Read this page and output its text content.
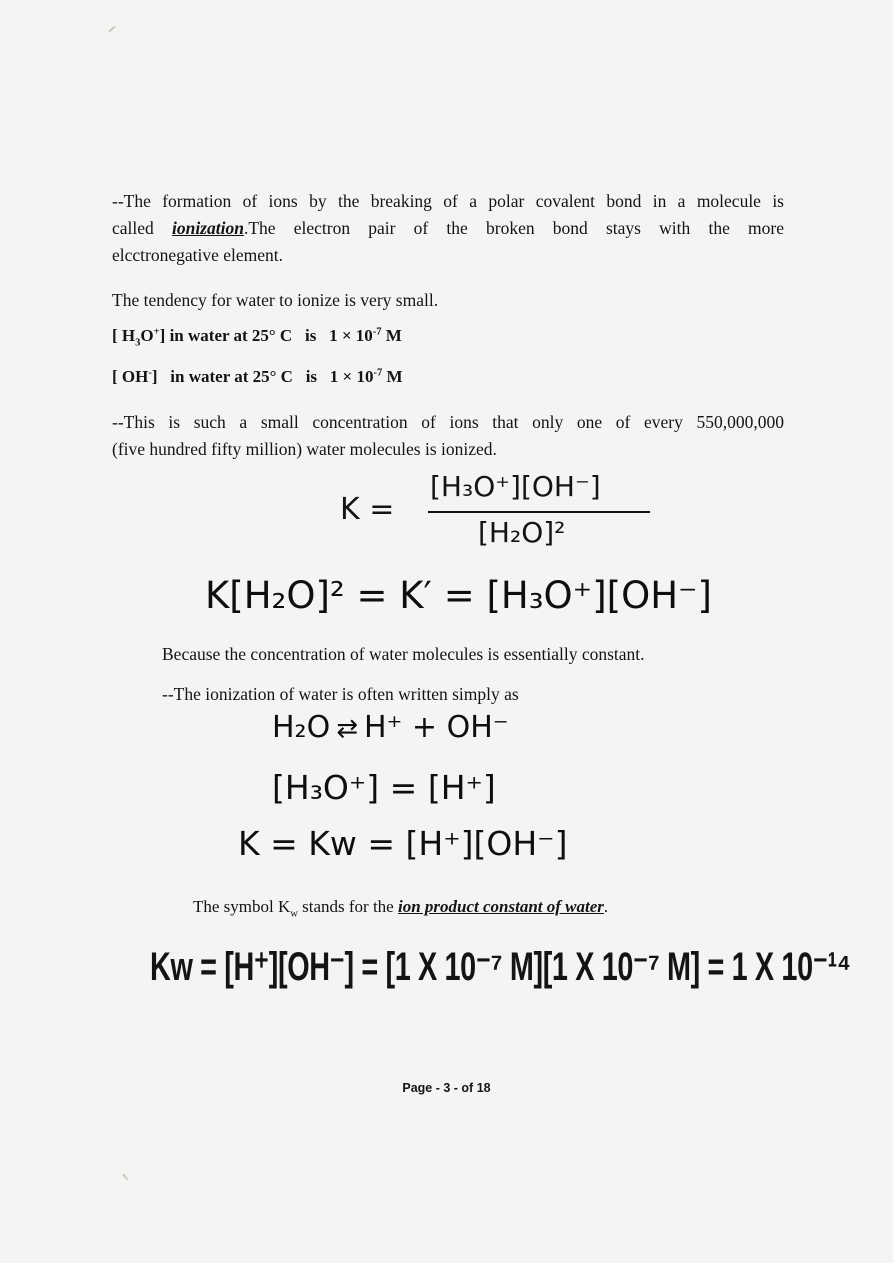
--The formation of ions by the breaking of a polar covalent bond in a molecule is
called ionization.The electron pair of the broken bond stays with the more
elcctronegative element.
The tendency for water to ionize is very small.
[ $H_3O^+$] in water at 25° C is $1 \times 10^{-7}$ M
[ OH-] in water at 25° C is $1 \times 10^{-7}$ M
--This is such a small concentration of ions that only one of every 550,000,000
(five hundred fifty million) water molecules is ionized.
K =
[H₃O⁺][OH⁻]
[H₂O]²
K[H₂O]² = K′ = [H₃O⁺][OH⁻]
Because the concentration of water molecules is essentially constant.
--The ionization of water is often written simply as
H₂O ⇄ H⁺ + OH⁻
[H₃O⁺] = [H⁺]
K = Kw = [H⁺][OH⁻]
The symbol $K_w$ stands for the ion product constant of water.
Kw = [H⁺][OH⁻] = [1 X 10⁻⁷ M][1 X 10⁻⁷ M] = 1 X 10⁻¹⁴
Page - 3 - of 18
